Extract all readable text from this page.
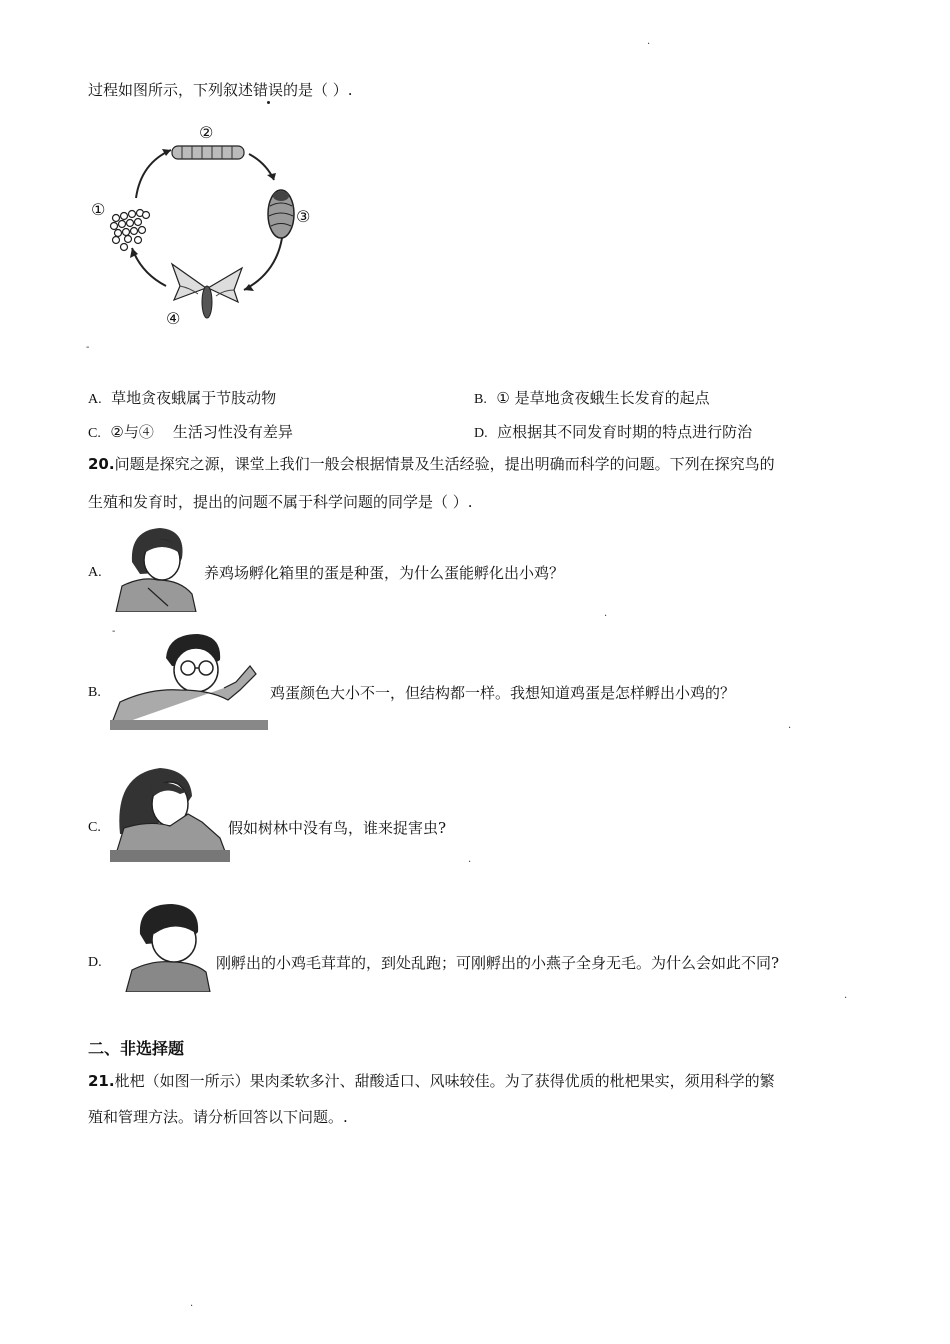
.
-
过程如图所示，下列叙述错误的是（ ）.
①
②
③
④
A. 草地贪夜蛾属于节肢动物	B. ① 是草地贪夜蛾生长发育的起点
C. ②与④    生活习性没有差异	D. 应根据其不同发育时期的特点进行防治
20.问题是探究之源，课堂上我们一般会根据情景及生活经验，提出明确而科学的问题。下列在探究鸟的
生殖和发育时，提出的问题不属于科学问题的同学是（ ）.
A.	养鸡场孵化箱里的蛋是种蛋，为什么蛋能孵化出小鸡？
.
-
B.	鸡蛋颜色大小不一，但结构都一样。我想知道鸡蛋是怎样孵出小鸡的？
.
C.	假如树林中没有鸟，谁来捉害虫?
.
D.	刚孵出的小鸡毛茸茸的，到处乱跑；可刚孵出的小燕子全身无毛。为什么会如此不同?
.
二、非选择题
21.枇杷（如图一所示）果肉柔软多汁、甜酸适口、风味较佳。为了获得优质的枇杷果实，须用科学的繁
殖和管理方法。请分析回答以下问题。.
.
